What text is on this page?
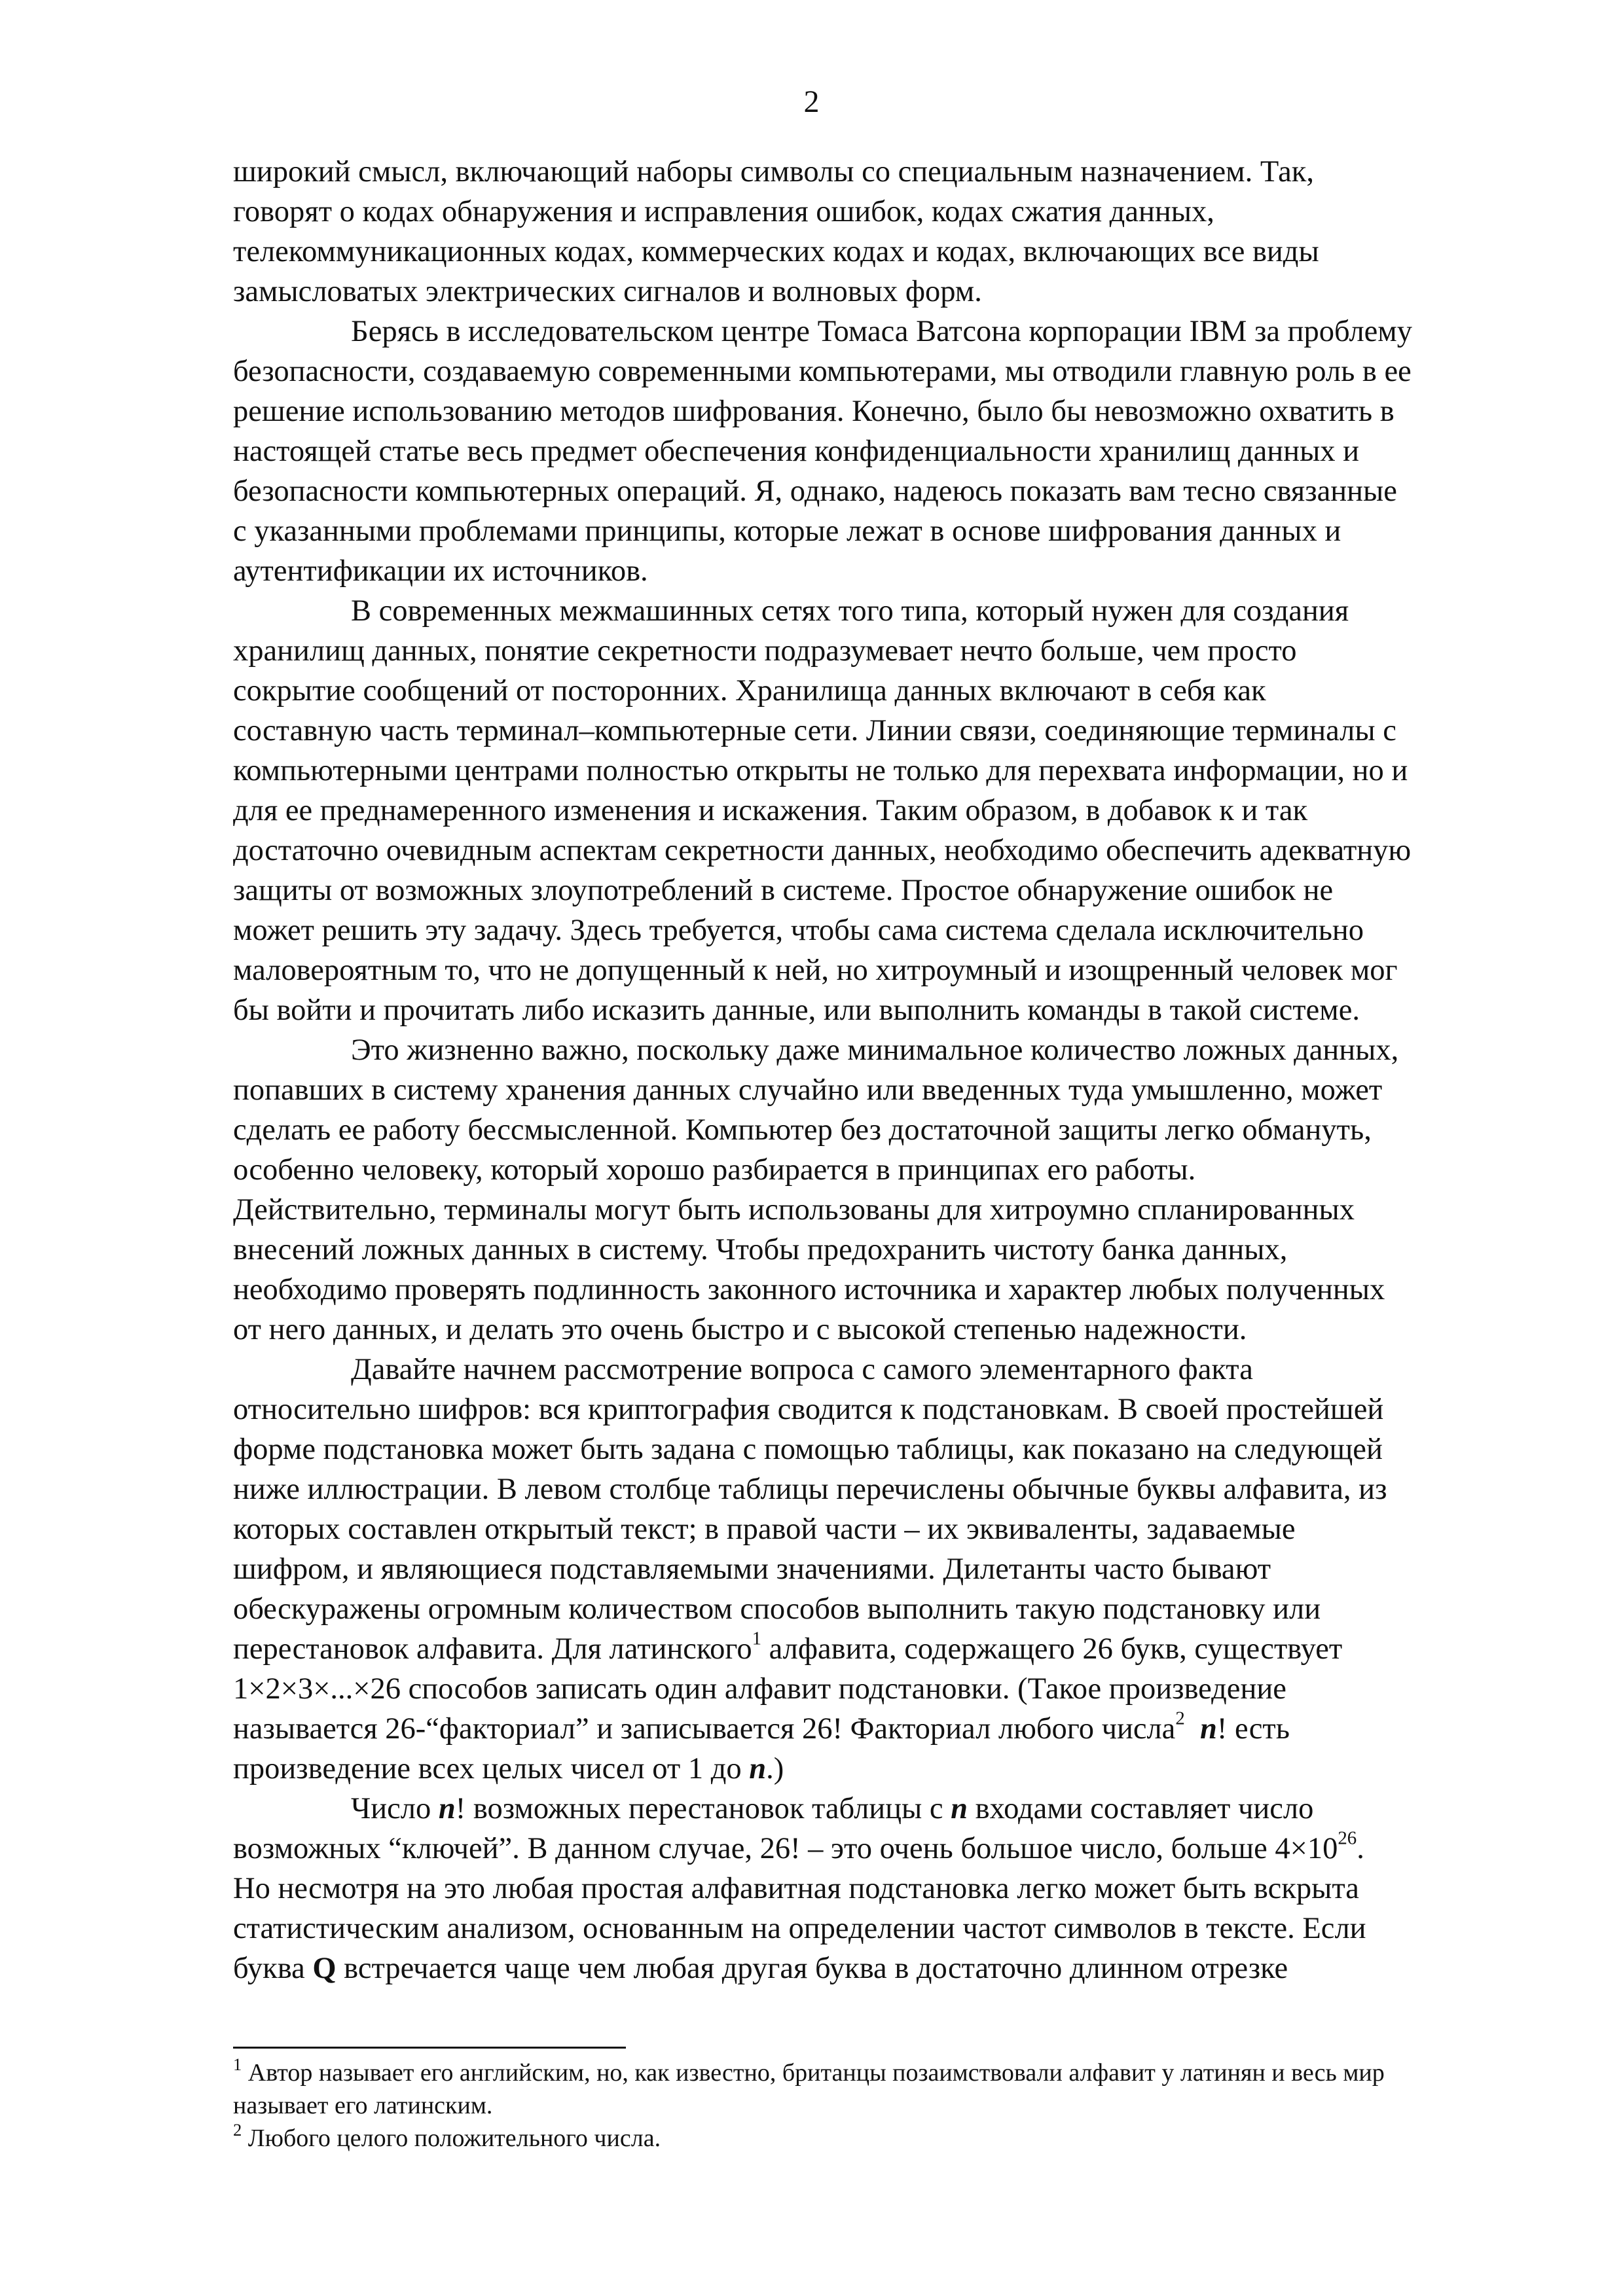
2
широкий смысл, включающий наборы символы со специальным назначением. Так,
говорят о кодах обнаружения и исправления ошибок, кодах сжатия данных,
телекоммуникационных кодах, коммерческих кодах и кодах, включающих все виды
замысловатых электрических сигналов и волновых форм.
Берясь в исследовательском центре Томаса Ватсона корпорации IBM за проблему
безопасности, создаваемую современными компьютерами, мы отводили главную роль в ее
решение использованию методов шифрования. Конечно, было бы невозможно охватить в
настоящей статье весь предмет обеспечения конфиденциальности хранилищ данных и
безопасности компьютерных операций. Я, однако, надеюсь показать вам тесно связанные
с указанными проблемами принципы, которые лежат в основе шифрования данных и
аутентификации их источников.
В современных межмашинных сетях того типа, который нужен для создания
хранилищ данных, понятие секретности подразумевает нечто больше, чем просто
сокрытие сообщений от посторонних. Хранилища данных включают в себя как
составную часть терминал–компьютерные сети. Линии связи, соединяющие терминалы с
компьютерными центрами полностью открыты не только для перехвата информации, но и
для ее преднамеренного изменения и искажения. Таким образом, в добавок к и так
достаточно очевидным аспектам секретности данных, необходимо обеспечить адекватную
защиты от возможных злоупотреблений в системе. Простое обнаружение ошибок не
может решить эту задачу. Здесь требуется, чтобы сама система сделала исключительно
маловероятным то, что не допущенный к ней, но хитроумный и изощренный человек мог
бы войти и прочитать либо исказить данные, или выполнить команды в такой системе.
Это жизненно важно, поскольку даже минимальное количество ложных данных,
попавших в систему хранения данных случайно или введенных туда умышленно, может
сделать ее работу бессмысленной. Компьютер без достаточной защиты легко обмануть,
особенно человеку, который хорошо разбирается в принципах его работы.
Действительно, терминалы могут быть использованы для хитроумно спланированных
внесений ложных данных в систему. Чтобы предохранить чистоту банка данных,
необходимо проверять подлинность законного источника и характер любых полученных
от него данных, и делать это очень быстро и с высокой степенью надежности.
Давайте начнем рассмотрение вопроса с самого элементарного факта
относительно шифров: вся криптография сводится к подстановкам. В своей простейшей
форме подстановка может быть задана с помощью таблицы, как показано на следующей
ниже иллюстрации. В левом столбце таблицы перечислены обычные буквы алфавита, из
которых составлен открытый текст; в правой части – их эквиваленты, задаваемые
шифром, и являющиеся подставляемыми значениями. Дилетанты часто бывают
обескуражены огромным количеством способов выполнить такую подстановку или
перестановок алфавита. Для латинского$^1$ алфавита, содержащего 26 букв, существует
1×2×3×...×26 способов записать один алфавит подстановки. (Такое произведение
называется 26-“факториал” и записывается 26! Факториал любого числа$^2$ n! есть
произведение всех целых чисел от 1 до n.)
Число n! возможных перестановок таблицы с n входами составляет число
возможных “ключей”. В данном случае, 26! – это очень большое число, больше $4\times 10^{26}$.
Но несмотря на это любая простая алфавитная подстановка легко может быть вскрыта
статистическим анализом, основанным на определении частот символов в тексте. Если
буква Q встречается чаще чем любая другая буква в достаточно длинном отрезке
$^1$ Автор называет его английским, но, как известно, британцы позаимствовали алфавит у латинян и весь мир
называет его латинским.
$^2$ Любого целого положительного числа.
